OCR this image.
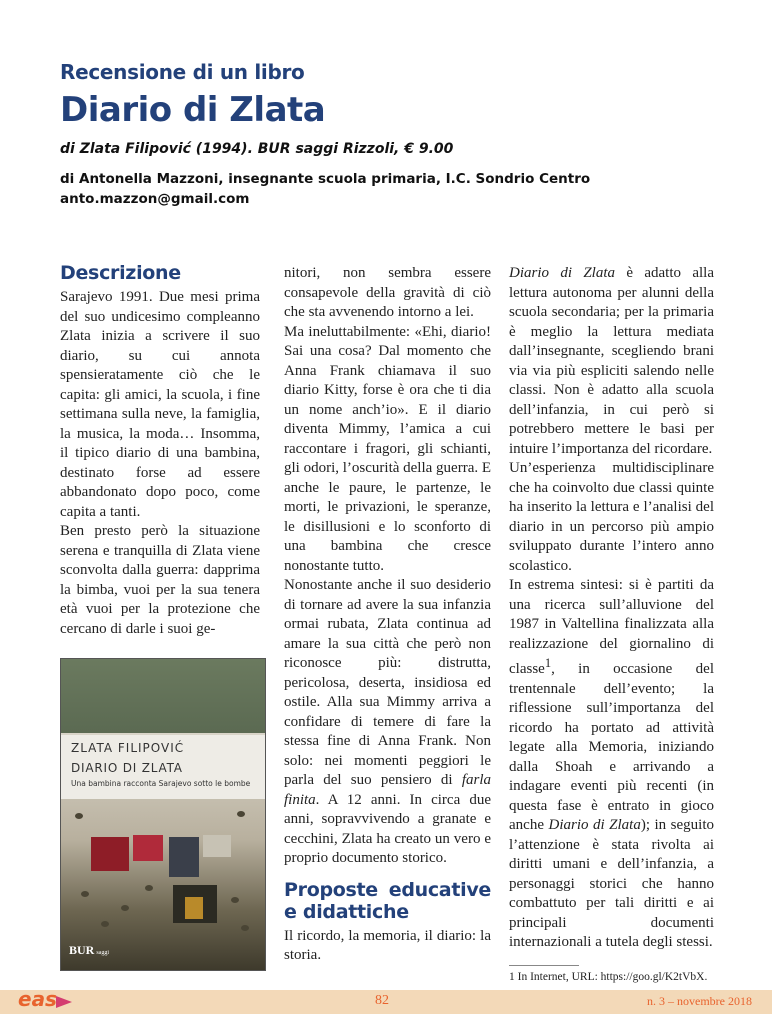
Recensione di un libro
Diario di Zlata
di Zlata Filipović (1994). BUR saggi Rizzoli, € 9.00
di Antonella Mazzoni, insegnante scuola primaria, I.C. Sondrio Centro
anto.mazzon@gmail.com
Descrizione

Sarajevo 1991. Due mesi prima del suo undicesimo compleanno Zlata inizia a scrivere il suo diario, su cui annota spensieratamente ciò che le capita: gli amici, la scuola, i fine settimana sulla neve, la famiglia, la musica, la moda… Insomma, il tipico diario di una bambina, destinato forse ad essere abbandonato dopo poco, come capita a tanti.

Ben presto però la situazione serena e tranquilla di Zlata viene sconvolta dalla guerra: dapprima la bimba, vuoi per la sua tenera età vuoi per la protezione che cercano di darle i suoi ge-

ZLATA FILIPOVIĆ
DIARIO DI ZLATA
Una bambina racconta Sarajevo sotto le bombe
BUR saggi

nitori, non sembra essere consapevole della gravità di ciò che sta avvenendo intorno a lei.

Ma ineluttabilmente: «Ehi, diario! Sai una cosa? Dal momento che Anna Frank chiamava il suo diario Kitty, forse è ora che ti dia un nome anch’io». E il diario diventa Mimmy, l’amica a cui raccontare i fragori, gli schianti, gli odori, l’oscurità della guerra. E anche le paure, le partenze, le morti, le privazioni, le speranze, le disillusioni e lo sconforto di una bambina che cresce nonostante tutto.

Nonostante anche il suo desiderio di tornare ad avere la sua infanzia ormai rubata, Zlata continua ad amare la sua città che però non riconosce più: distrutta, pericolosa, deserta, insidiosa ed ostile. Alla sua Mimmy arriva a confidare di temere di fare la stessa fine di Anna Frank. Non solo: nei momenti peggiori le parla del suo pensiero di farla finita. A 12 anni. In circa due anni, sopravvivendo a granate e cecchini, Zlata ha creato un vero e proprio documento storico.

Proposte educative e didattiche

Il ricordo, la memoria, il diario: la storia.

Diario di Zlata è adatto alla lettura autonoma per alunni della scuola secondaria; per la primaria è meglio la lettura mediata dall’insegnante, scegliendo brani via via più espliciti salendo nelle classi. Non è adatto alla scuola dell’infanzia, in cui però si potrebbero mettere le basi per intuire l’importanza del ricordare.

Un’esperienza multidisciplinare che ha coinvolto due classi quinte ha inserito la lettura e l’analisi del diario in un percorso più ampio sviluppato durante l’intero anno scolastico.

In estrema sintesi: si è partiti da una ricerca sull’alluvione del 1987 in Valtellina finalizzata alla realizzazione del giornalino di classe$^1$, in occasione del trentennale dell’evento; la riflessione sull’importanza del ricordo ha portato ad attività legate alla Memoria, iniziando dalla Shoah e arrivando a indagare eventi più recenti (in questa fase è entrato in gioco anche Diario di Zlata); in seguito l’attenzione è stata rivolta ai diritti umani e dell’infanzia, a personaggi storici che hanno combattuto per tali diritti e ai principali documenti internazionali a tutela degli stessi.

1 In Internet, URL: https://goo.gl/K2tVbX.
eas	82	n. 3 – novembre 2018
